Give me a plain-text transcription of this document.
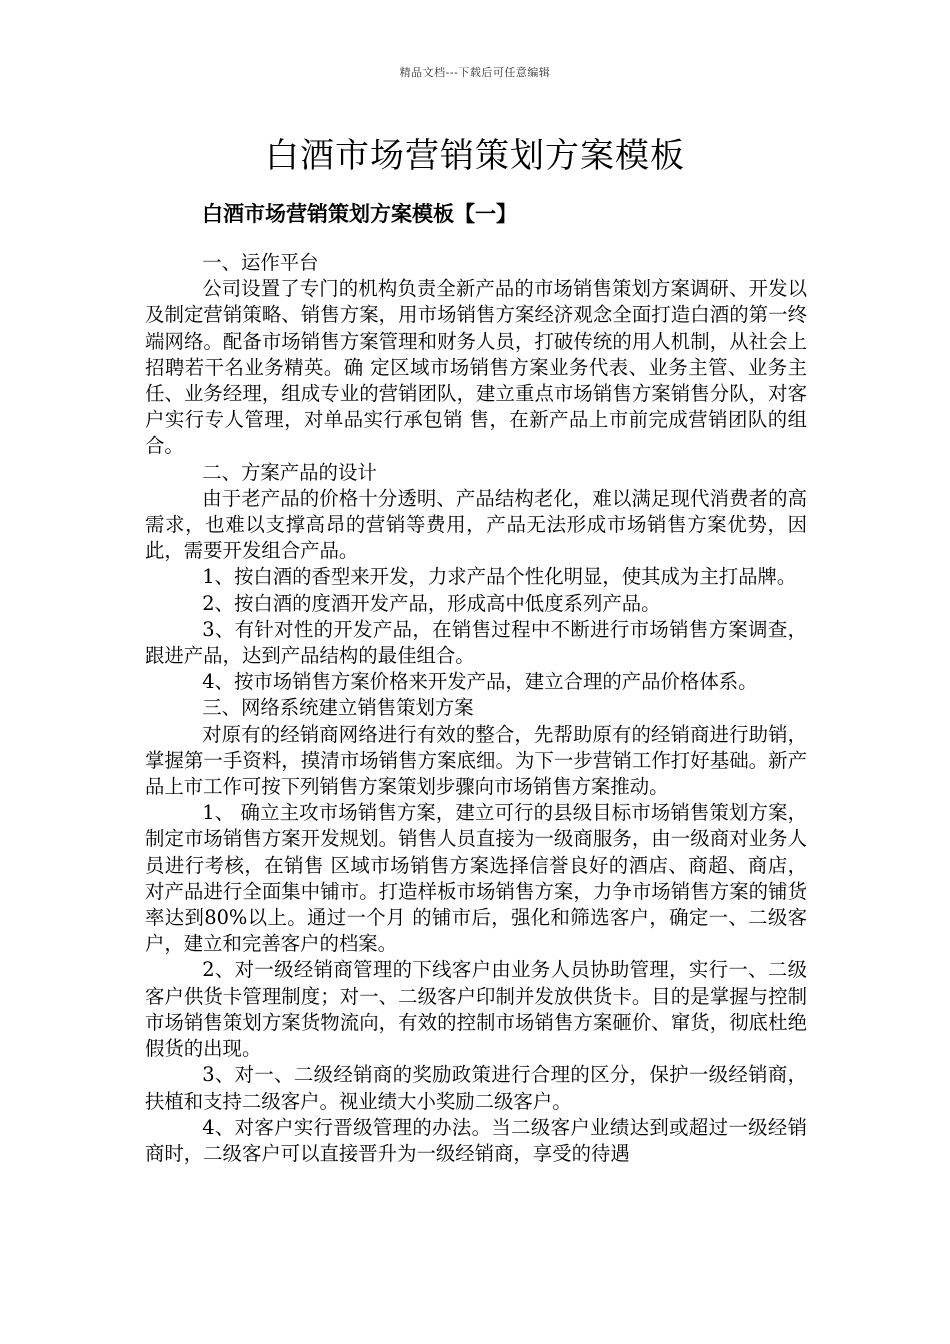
精品文档---下载后可任意编辑
白酒市场营销策划方案模板
白酒市场营销策划方案模板【一】

一、运作平台

公司设置了专门的机构负责全新产品的市场销售策划方案调研、开发以及制定营销策略、销售方案，用市场销售方案经济观念全面打造白酒的第一终端网络。配备市场销售方案管理和财务人员，打破传统的用人机制，从社会上招聘若干名业务精英。确 定区域市场销售方案业务代表、业务主管、业务主任、业务经理，组成专业的营销团队，建立重点市场销售方案销售分队，对客户实行专人管理，对单品实行承包销 售，在新产品上市前完成营销团队的组合。

二、方案产品的设计

由于老产品的价格十分透明、产品结构老化，难以满足现代消费者的高需求，也难以支撑高昂的营销等费用，产品无法形成市场销售方案优势，因此，需要开发组合产品。

1、按白酒的香型来开发，力求产品个性化明显，使其成为主打品牌。

2、按白酒的度酒开发产品，形成高中低度系列产品。

3、有针对性的开发产品，在销售过程中不断进行市场销售方案调查，跟进产品，达到产品结构的最佳组合。

4、按市场销售方案价格来开发产品，建立合理的产品价格体系。

三、网络系统建立销售策划方案

对原有的经销商网络进行有效的整合，先帮助原有的经销商进行助销，掌握第一手资料，摸清市场销售方案底细。为下一步营销工作打好基础。新产品上市工作可按下列销售方案策划步骤向市场销售方案推动。

1、 确立主攻市场销售方案，建立可行的县级目标市场销售策划方案，制定市场销售方案开发规划。销售人员直接为一级商服务，由一级商对业务人员进行考核，在销售 区域市场销售方案选择信誉良好的酒店、商超、商店，对产品进行全面集中铺市。打造样板市场销售方案，力争市场销售方案的铺货率达到80%以上。通过一个月 的铺市后，强化和筛选客户，确定一、二级客户，建立和完善客户的档案。

2、对一级经销商管理的下线客户由业务人员协助管理，实行一、二级客户供货卡管理制度；对一、二级客户印制并发放供货卡。目的是掌握与控制市场销售策划方案货物流向，有效的控制市场销售方案砸价、窜货，彻底杜绝假货的出现。

3、对一、二级经销商的奖励政策进行合理的区分，保护一级经销商，扶植和支持二级客户。视业绩大小奖励二级客户。

4、对客户实行晋级管理的办法。当二级客户业绩达到或超过一级经销商时，二级客户可以直接晋升为一级经销商，享受的待遇
